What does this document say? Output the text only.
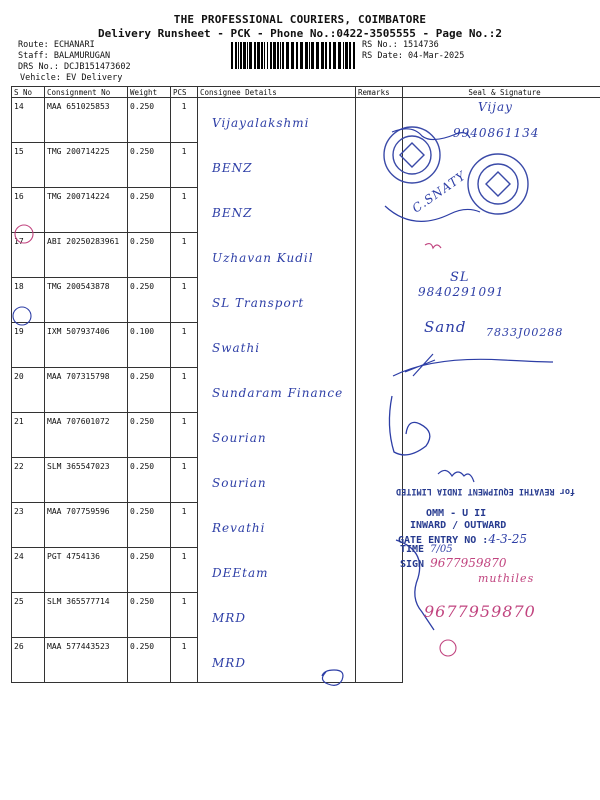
THE PROFESSIONAL COURIERS, COIMBATORE
Delivery Runsheet - PCK - Phone No.:0422-3505555 - Page No.:2
Route: ECHANARI
Staff: BALAMURUGAN
DRS No.: DCJB151473602
Vehicle: EV Delivery
RS No.: 1514736
RS Date: 04-Mar-2025
S No	Consignment No	Weight	PCS	Consignee Details	Remarks	Seal & Signature
14	MAA 651025853	0.250	1	Vijayalakshmi		

15	TMG 200714225	0.250	1	BENZ		

16	TMG 200714224	0.250	1	BENZ		

17	ABI 20250283961	0.250	1	Uzhavan Kudil		

18	TMG 200543878	0.250	1	SL Transport		

19	IXM 507937406	0.100	1	Swathi		

20	MAA 707315798	0.250	1	Sundaram Finance		

21	MAA 707601072	0.250	1	Sourian		

22	SLM 365547023	0.250	1	Sourian		

23	MAA 707759596	0.250	1	Revathi		

24	PGT 4754136	0.250	1	DEEtam		

25	SLM 365577714	0.250	1	MRD		

26	MAA 577443523	0.250	1	MRD		

Vijay
9940861134
C.SNATY
SL
9840291091
Sand 7833J00288
for REVATHI EQUIPMENT INDIA LIMITED
OMM - U II
INWARD / OUTWARD
GATE ENTRY NO :4-3-25
TIME 7/05
SIGN 9677959870
muthiles
9677959870
